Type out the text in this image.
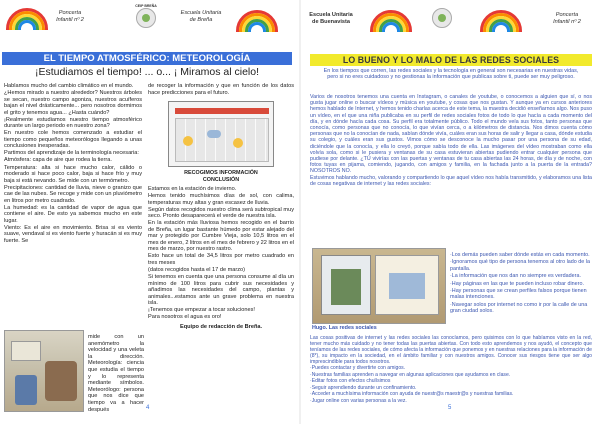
Poncerta
Infantil nº 2
CEIP BREÑA
Escuela Unitaria
de Breña
EL TIEMPO ATMOSFÉRICO: METEOROLOGÍA
¡Estudiamos el tiempo! ... o... ¡ Miramos al cielo!

Hablamos mucho del cambio climático en el mundo.

¿Hemos mirado a nuestro alrededor? Nuestros árboles se secan, nuestro campo agoniza, nuestros acuíferos bajan el nivel drásticamente... pero nosotros dormimos el grito y tenemos agua... ¿Hasta cuándo?

¡Realmente estudiamos nuestro tiempo atmosférico durante un largo periodo en nuestro zona?

En nuestro cole hemos comenzado a estudiar el tiempo como pequeños meteorólogos llegando a unas conclusiones inesperadas.

Partimos del aprendizaje de la terminología necesaria:

Atmósfera: capa de aire que rodea la tierra.

Temperatura: alta si hace mucho calor, cálido o moderado si hace poco calor, baja si hace frío y muy baja si está nevando. Se mide con un termómetro.

Precipitaciones: cantidad de lluvia, nieve o granizo que cae de las nubes. Se recoge y mide con un pluviómetro en litros por metro cuadrado.

La humedad: es la cantidad de vapor de agua que contiene el aire. De esto ya sabemos mucho en este lugar.

Viento: Es el aire en movimiento. Brisa si es viento suave, vendaval si es viento fuerte y huracán si es muy fuerte. Se

mide con un anemómetro la velocidad y una veleta la dirección. Meteorología: ciencia que estudia el tiempo y lo representa mediante símbolos. Meteorólogo: persona que nos dice que tiempo va a hacer después

de recoger la información y que en función de los datos hace predicciones para el futuro.

RECOGIMOS INFORMACIÓN
CONCLUSIÓN

Estamos en la estación de invierno.

Hemos tenido muchísimos días de sol, con calima, temperaturas muy altas y gran escasez de lluvia.

Según datos recogidos nuestro clima será subtropical muy seco. Pronto desaparecerá el verde de nuestra isla.

En la estación más lluviosa hemos recogido en el barrio de Breña, un lugar bastante húmedo por estar alejado del mar y protegido por Cumbre Vieja, solo 10,5 litros en el mes de enero, 2 litros en el mes de febrero y 22 litros en el mes de marzo, por nuestro rastro.

Esto hace un total de 34,5 litros por metro cuadrado en tres meses

(datos recogidos hasta el 17 de marzo)

Si tenemos en cuenta que una persona consume al día un mínimo de 100 litros para cubrir sus necesidades y añadimos las necesidades del campo, plantas y animales...estamos ante un grave problema en nuestra isla.

¡Tenemos que empezar a tocar soluciones!

Para nosotros el agua es oro!

Equipo de redacción de Breña.

4
Escuela Unitaria
de Buenavista
Poncerta
Infantil nº 2
LO BUENO Y LO MALO DE LAS REDES SOCIALES
En los tiempos que corren, las redes sociales y la tecnología en general son necesarias en nuestras vidas, pero si no eres cuidadoso y no gestionas la información que publicas sobre ti, puede ser muy peligroso.

Varios de nosotros tenemos una cuenta en Instagram, o canales de youtube, o conocemos a alguien que sí, o nos gusta jugar online o buscar vídeos y música en youtube, y cosas que nos gustan. Y aunque ya en cursos anteriores hemos hablado de Internet, y hemos tenido charlas acerca de este tema, la maestra decidió enseñarnos algo. Nos puso un vídeo, en el que una niña publicaba en su perfil de redes sociales fotos de todo lo que hacía a cada momento del día, y en dónde hacía cada cosa. Su perfil era totalmente público. Todo el mundo veía sus fotos, tanto personas que conocía, como personas que no conocía, lo que vivían cerca, o a kilómetros de distancia. Nos dimos cuenta cómo personas que no la conocían de nada, sabían dónde vivía, cuáles eran sus horas de salir y llegar a casa, dónde estudia su colegio, y cuáles eran sus gustos. Vimos cómo se desconoce la mucho pasar por una persona de su edad, diciéndole que la conocía, y ella lo creyó, porque sabía todo de ella. Las imágenes del vídeo mostraban como ella volvía sola, como si le pusiera y ventanas de su casa estuvieran abiertas pudiendo entrar cualquier persona que pudiese por delante. ¿TÚ vivirías con las puertas y ventanas de tu casa abiertas las 24 horas, de día y de noche, con fotos tuyas en pijama, comiendo, jugando, con amigos y familia, en la fachada junto a la puerta de la entrada? NOSOTROS NO.

Estuvimos hablando mucho, valorando y compartiendo lo que aquel vídeo nos había transmitido, y elaboramos una lista de cosas negativas de internet y las redes sociales:

Hugo. Las redes sociales

·Los demás pueden saber dónde estás en cada momento.

·Ignoramos qué tipo de persona tenemos al otro lado de la pantalla.

·La información que nos dan no siempre es verdadera.

·Hay páginas en las que te pueden incluso robar dinero.

·Hay personas que se crean perfiles falsos porque tienen malas intenciones.

·Navegar solos por internet no como ir por la calle de una gran ciudad solos.

Las cosas positivas de internet y las redes sociales las conocíamos, pero quisimos con lo que habíamos visto en la red, tener mucho más cuidado y no tener todas las puertas abiertas. Con todo esto aprendemos y nos ayudó, el concepto que teníamos de las redes sociales, de cómo afecta la información que ponemos y en nuestras relaciones para la información de (8*), su impacto en la sociedad, en el ámbito familiar y con nuestros amigos. Conocer sus riesgos tiene que ser algo imprescindible para todos nosotros.

·Puedes contactar y divertirte con amigos.

·Nuestras familias aprenden a navegar en algunas aplicaciones que ayudamos en clase.

·Editar fotos con efectos chulísimos

·Seguir aprendiendo durante un confinamiento.

·Acceder a muchísima información con ayuda de nuestr@s maestr@s y nuestras familias.

·Jugar online con varias personas a la vez.

5
